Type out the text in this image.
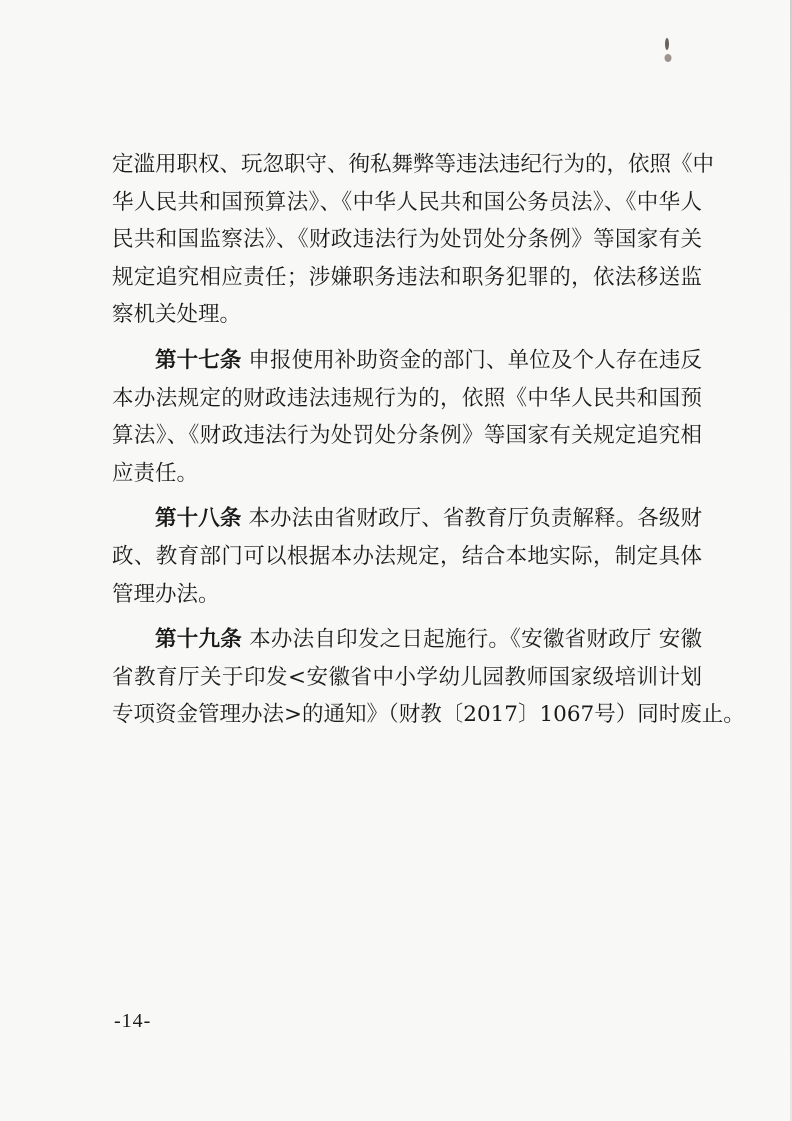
定滥用职权、玩忽职守、徇私舞弊等违法违纪行为的，依照《中
华人民共和国预算法》、《中华人民共和国公务员法》、《中华人
民共和国监察法》、《财政违法行为处罚处分条例》等国家有关
规定追究相应责任；涉嫌职务违法和职务犯罪的，依法移送监
察机关处理。
第十七条 申报使用补助资金的部门、单位及个人存在违反
本办法规定的财政违法违规行为的，依照《中华人民共和国预
算法》、《财政违法行为处罚处分条例》等国家有关规定追究相
应责任。
第十八条 本办法由省财政厅、省教育厅负责解释。各级财
政、教育部门可以根据本办法规定，结合本地实际，制定具体
管理办法。
第十九条 本办法自印发之日起施行。《安徽省财政厅 安徽
省教育厅关于印发<安徽省中小学幼儿园教师国家级培训计划
专项资金管理办法>的通知》（财教〔2017〕1067号）同时废止。
-14-
